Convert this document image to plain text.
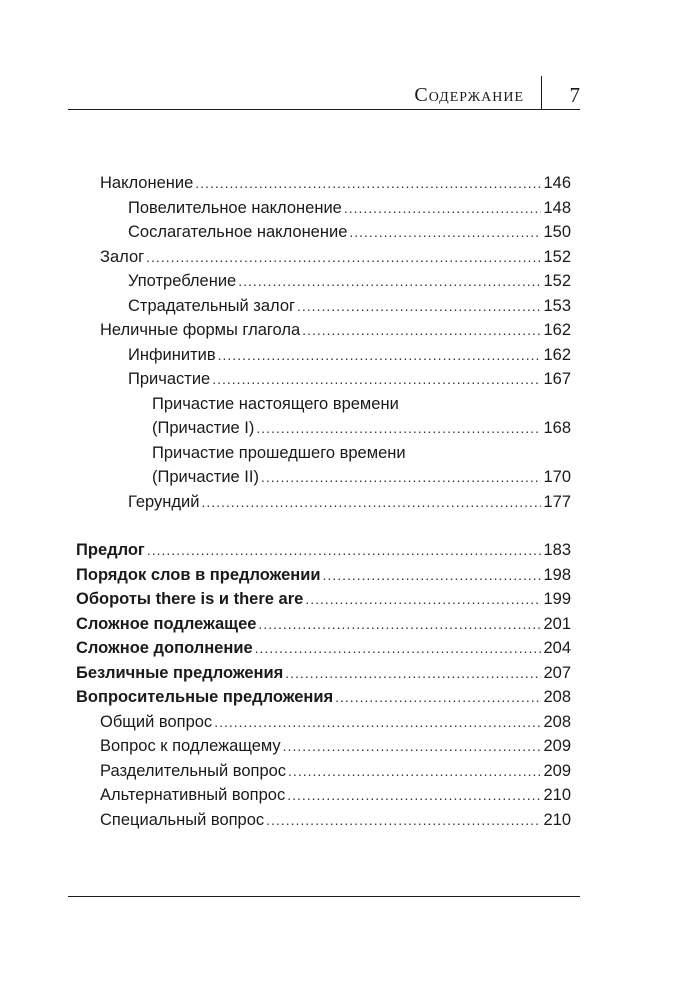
Содержание	7
Наклонение .....	146
Повелительное наклонение .....	148
Сослагательное наклонение .....	150
Залог .....	152
Употребление .....	152
Страдательный залог .....	153
Неличные формы глагола .....	162
Инфинитив .....	162
Причастие .....	167
Причастие настоящего времени
(Причастие I) .....	168
Причастие прошедшего времени
(Причастие II) .....	170
Герундий .....	177
Предлог .....	183
Порядок слов в предложении .....	198
Обороты there is и there are .....	199
Сложное подлежащее .....	201
Сложное дополнение .....	204
Безличные предложения .....	207
Вопросительные предложения .....	208
Общий вопрос .....	208
Вопрос к подлежащему .....	209
Разделительный вопрос .....	209
Альтернативный вопрос .....	210
Специальный вопрос .....	210
